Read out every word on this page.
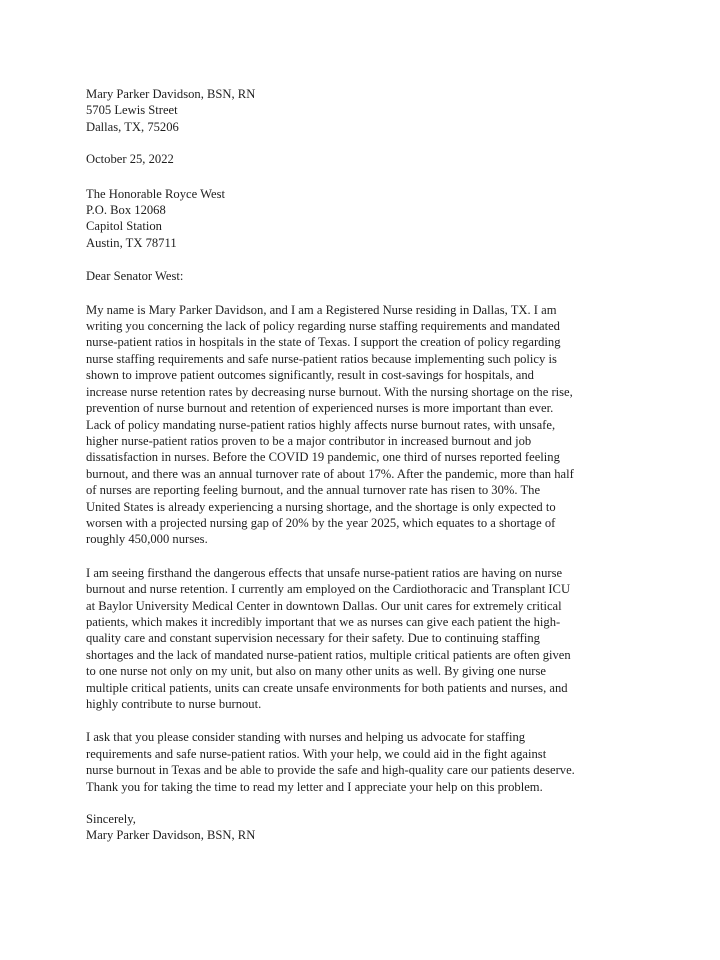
Mary Parker Davidson, BSN, RN
5705 Lewis Street
Dallas, TX, 75206
October 25, 2022
The Honorable Royce West
P.O. Box 12068
Capitol Station
Austin, TX 78711
Dear Senator West:
My name is Mary Parker Davidson, and I am a Registered Nurse residing in Dallas, TX. I am
writing you concerning the lack of policy regarding nurse staffing requirements and mandated
nurse-patient ratios in hospitals in the state of Texas. I support the creation of policy regarding
nurse staffing requirements and safe nurse-patient ratios because implementing such policy is
shown to improve patient outcomes significantly, result in cost-savings for hospitals, and
increase nurse retention rates by decreasing nurse burnout. With the nursing shortage on the rise,
prevention of nurse burnout and retention of experienced nurses is more important than ever.
Lack of policy mandating nurse-patient ratios highly affects nurse burnout rates, with unsafe,
higher nurse-patient ratios proven to be a major contributor in increased burnout and job
dissatisfaction in nurses. Before the COVID 19 pandemic, one third of nurses reported feeling
burnout, and there was an annual turnover rate of about 17%. After the pandemic, more than half
of nurses are reporting feeling burnout, and the annual turnover rate has risen to 30%. The
United States is already experiencing a nursing shortage, and the shortage is only expected to
worsen with a projected nursing gap of 20% by the year 2025, which equates to a shortage of
roughly 450,000 nurses.
I am seeing firsthand the dangerous effects that unsafe nurse-patient ratios are having on nurse
burnout and nurse retention. I currently am employed on the Cardiothoracic and Transplant ICU
at Baylor University Medical Center in downtown Dallas. Our unit cares for extremely critical
patients, which makes it incredibly important that we as nurses can give each patient the high-
quality care and constant supervision necessary for their safety. Due to continuing staffing
shortages and the lack of mandated nurse-patient ratios, multiple critical patients are often given
to one nurse not only on my unit, but also on many other units as well. By giving one nurse
multiple critical patients, units can create unsafe environments for both patients and nurses, and
highly contribute to nurse burnout.
I ask that you please consider standing with nurses and helping us advocate for staffing
requirements and safe nurse-patient ratios. With your help, we could aid in the fight against
nurse burnout in Texas and be able to provide the safe and high-quality care our patients deserve.
Thank you for taking the time to read my letter and I appreciate your help on this problem.
Sincerely,
Mary Parker Davidson, BSN, RN
